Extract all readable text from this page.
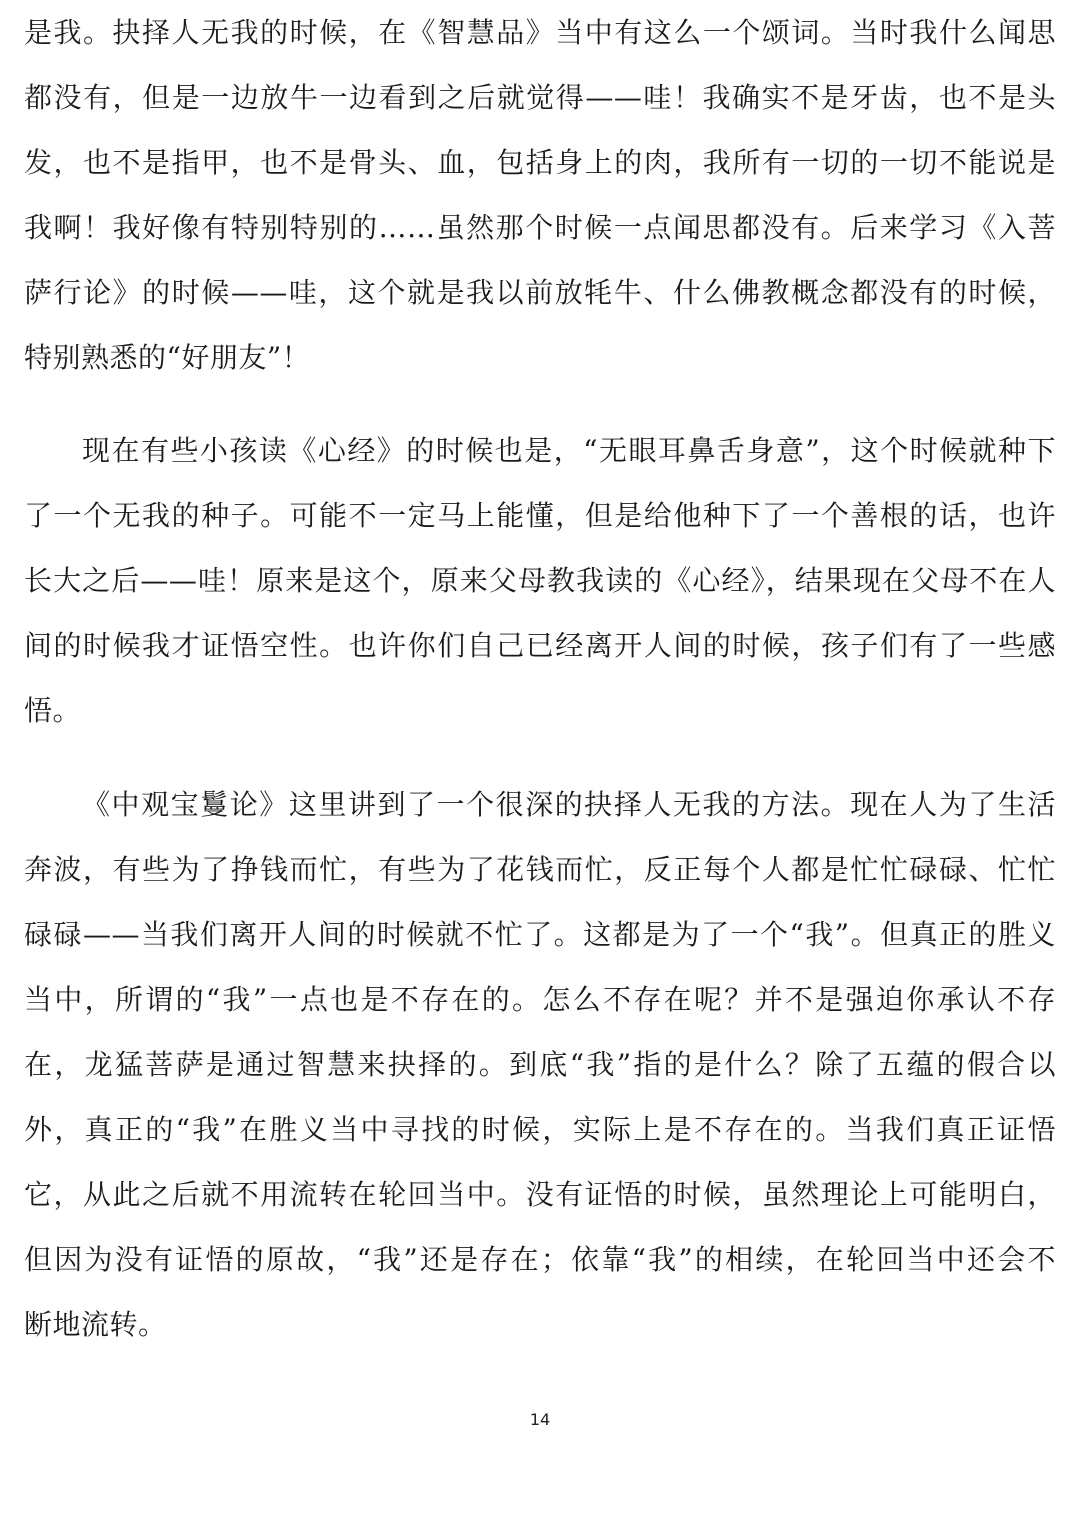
是我。抉择人无我的时候，在《智慧品》当中有这么一个颂词。当时我什么闻思
都没有，但是一边放牛一边看到之后就觉得——哇！我确实不是牙齿，也不是头
发，也不是指甲，也不是骨头、血，包括身上的肉，我所有一切的一切不能说是
我啊！我好像有特别特别的……虽然那个时候一点闻思都没有。后来学习《入菩
萨行论》的时候——哇，这个就是我以前放牦牛、什么佛教概念都没有的时候，
特别熟悉的“好朋友”！
现在有些小孩读《心经》的时候也是，“无眼耳鼻舌身意”，这个时候就种下
了一个无我的种子。可能不一定马上能懂，但是给他种下了一个善根的话，也许
长大之后——哇！原来是这个，原来父母教我读的《心经》，结果现在父母不在人
间的时候我才证悟空性。也许你们自己已经离开人间的时候，孩子们有了一些感
悟。
《中观宝鬘论》这里讲到了一个很深的抉择人无我的方法。现在人为了生活
奔波，有些为了挣钱而忙，有些为了花钱而忙，反正每个人都是忙忙碌碌、忙忙
碌碌——当我们离开人间的时候就不忙了。这都是为了一个“我”。但真正的胜义
当中，所谓的“我”一点也是不存在的。怎么不存在呢？并不是强迫你承认不存
在，龙猛菩萨是通过智慧来抉择的。到底“我”指的是什么？除了五蕴的假合以
外，真正的“我”在胜义当中寻找的时候，实际上是不存在的。当我们真正证悟
它，从此之后就不用流转在轮回当中。没有证悟的时候，虽然理论上可能明白，
但因为没有证悟的原故，“我”还是存在；依靠“我”的相续，在轮回当中还会不
断地流转。
14
